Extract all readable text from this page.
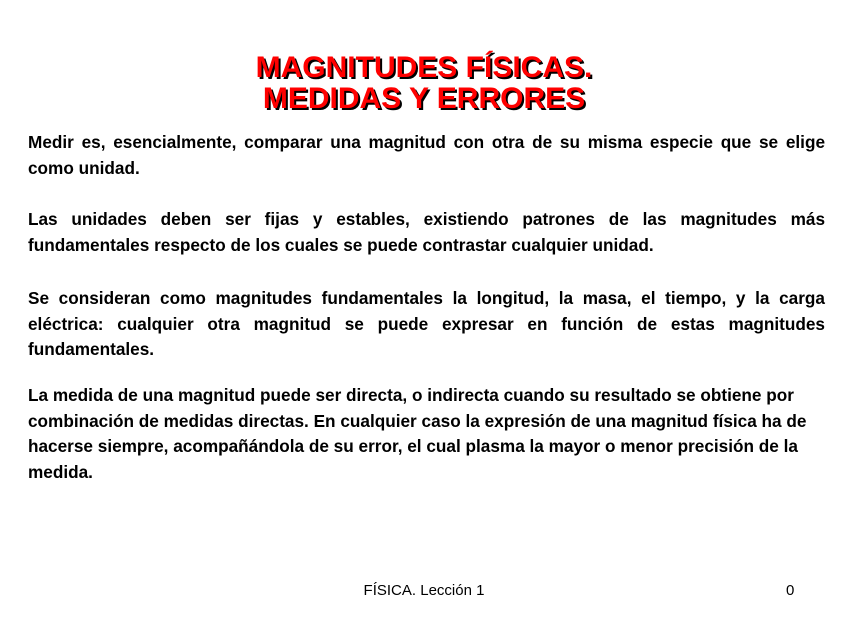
MAGNITUDES FÍSICAS.
MEDIDAS Y ERRORES

Medir es, esencialmente, comparar una magnitud con otra de su misma especie que se elige como unidad.

Las unidades deben ser fijas y estables, existiendo patrones de las magnitudes más fundamentales respecto de los cuales se puede contrastar cualquier unidad.

Se consideran como magnitudes fundamentales la longitud, la masa, el tiempo, y la carga eléctrica: cualquier otra magnitud se puede expresar en función de estas magnitudes fundamentales.

La medida de una magnitud puede ser directa, o indirecta cuando su resultado se obtiene por combinación de medidas directas. En cualquier caso la expresión de una magnitud física ha de hacerse siempre, acompañándola de su error, el cual plasma la mayor o menor precisión de la medida.

FÍSICA. Lección 1	0
